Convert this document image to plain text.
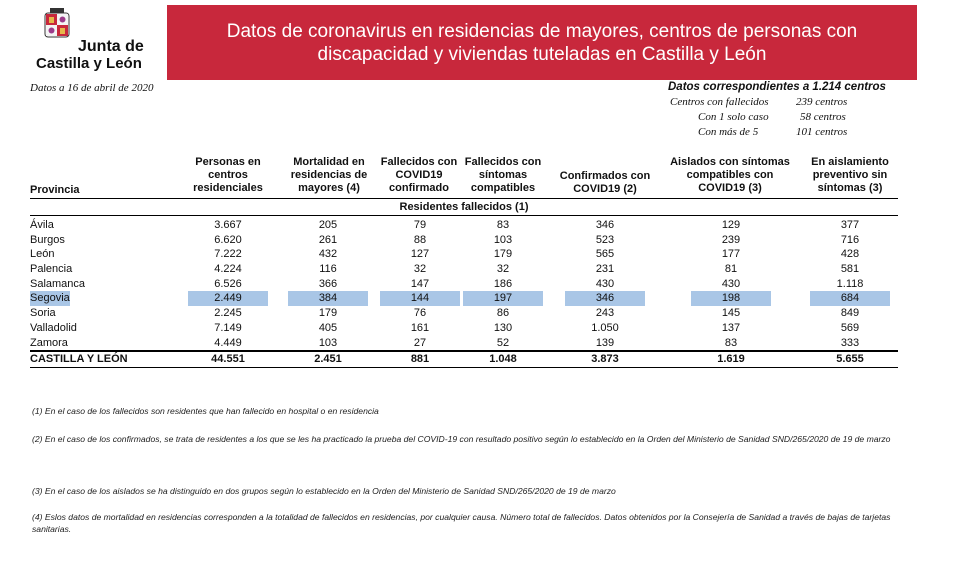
Junta de
Castilla y León
Datos de coronavirus en residencias de mayores, centros de personas con discapacidad y viviendas tuteladas en Castilla y León
Datos a 16 de abril de 2020	Datos correspondientes a 1.214 centros
Centros con fallecidos 239 centros
Con 1 solo caso	58 centros
Con más de 5	101 centros
Provincia
Personas en centros residenciales
Mortalidad en residencias de mayores (4)
Fallecidos con COVID19 confirmado
Fallecidos con síntomas compatibles
Confirmados con COVID19 (2)
Aislados con síntomas compatibles con COVID19 (3)
En aislamiento preventivo sin síntomas (3)
Residentes fallecidos (1)
Ávila	3.667	205	79	83	346	129	377
Burgos	6.620	261	88	103	523	239	716
León	7.222	432	127	179	565	177	428
Palencia	4.224	116	32	32	231	81	581
Salamanca	6.526	366	147	186	430	430	1.118
Segovia	2.449	384	144	197	346	198	684
Soria	2.245	179	76	86	243	145	849
Valladolid	7.149	405	161	130	1.050	137	569
Zamora	4.449	103	27	52	139	83	333
CASTILLA Y LEÓN	44.551	2.451	881	1.048	3.873	1.619	5.655
(1) En el caso de los fallecidos son residentes que han fallecido en hospital o en residencia
(2) En el caso de los confirmados, se trata de residentes a los que se les ha practicado la prueba del COVID-19 con resultado positivo según lo establecido en la Orden del Ministerio de Sanidad SND/265/2020 de 19 de marzo
(3) En el caso de los aislados se ha distinguido en dos grupos según lo establecido en la Orden del Ministerio de Sanidad SND/265/2020 de 19 de marzo
(4) Eslos datos de mortalidad en residencias corresponden a la totalidad de fallecidos en residencias, por cualquier causa. Número total de fallecidos. Datos obtenidos por la Consejería de Sanidad a través de bajas de tarjetas sanitarias.
